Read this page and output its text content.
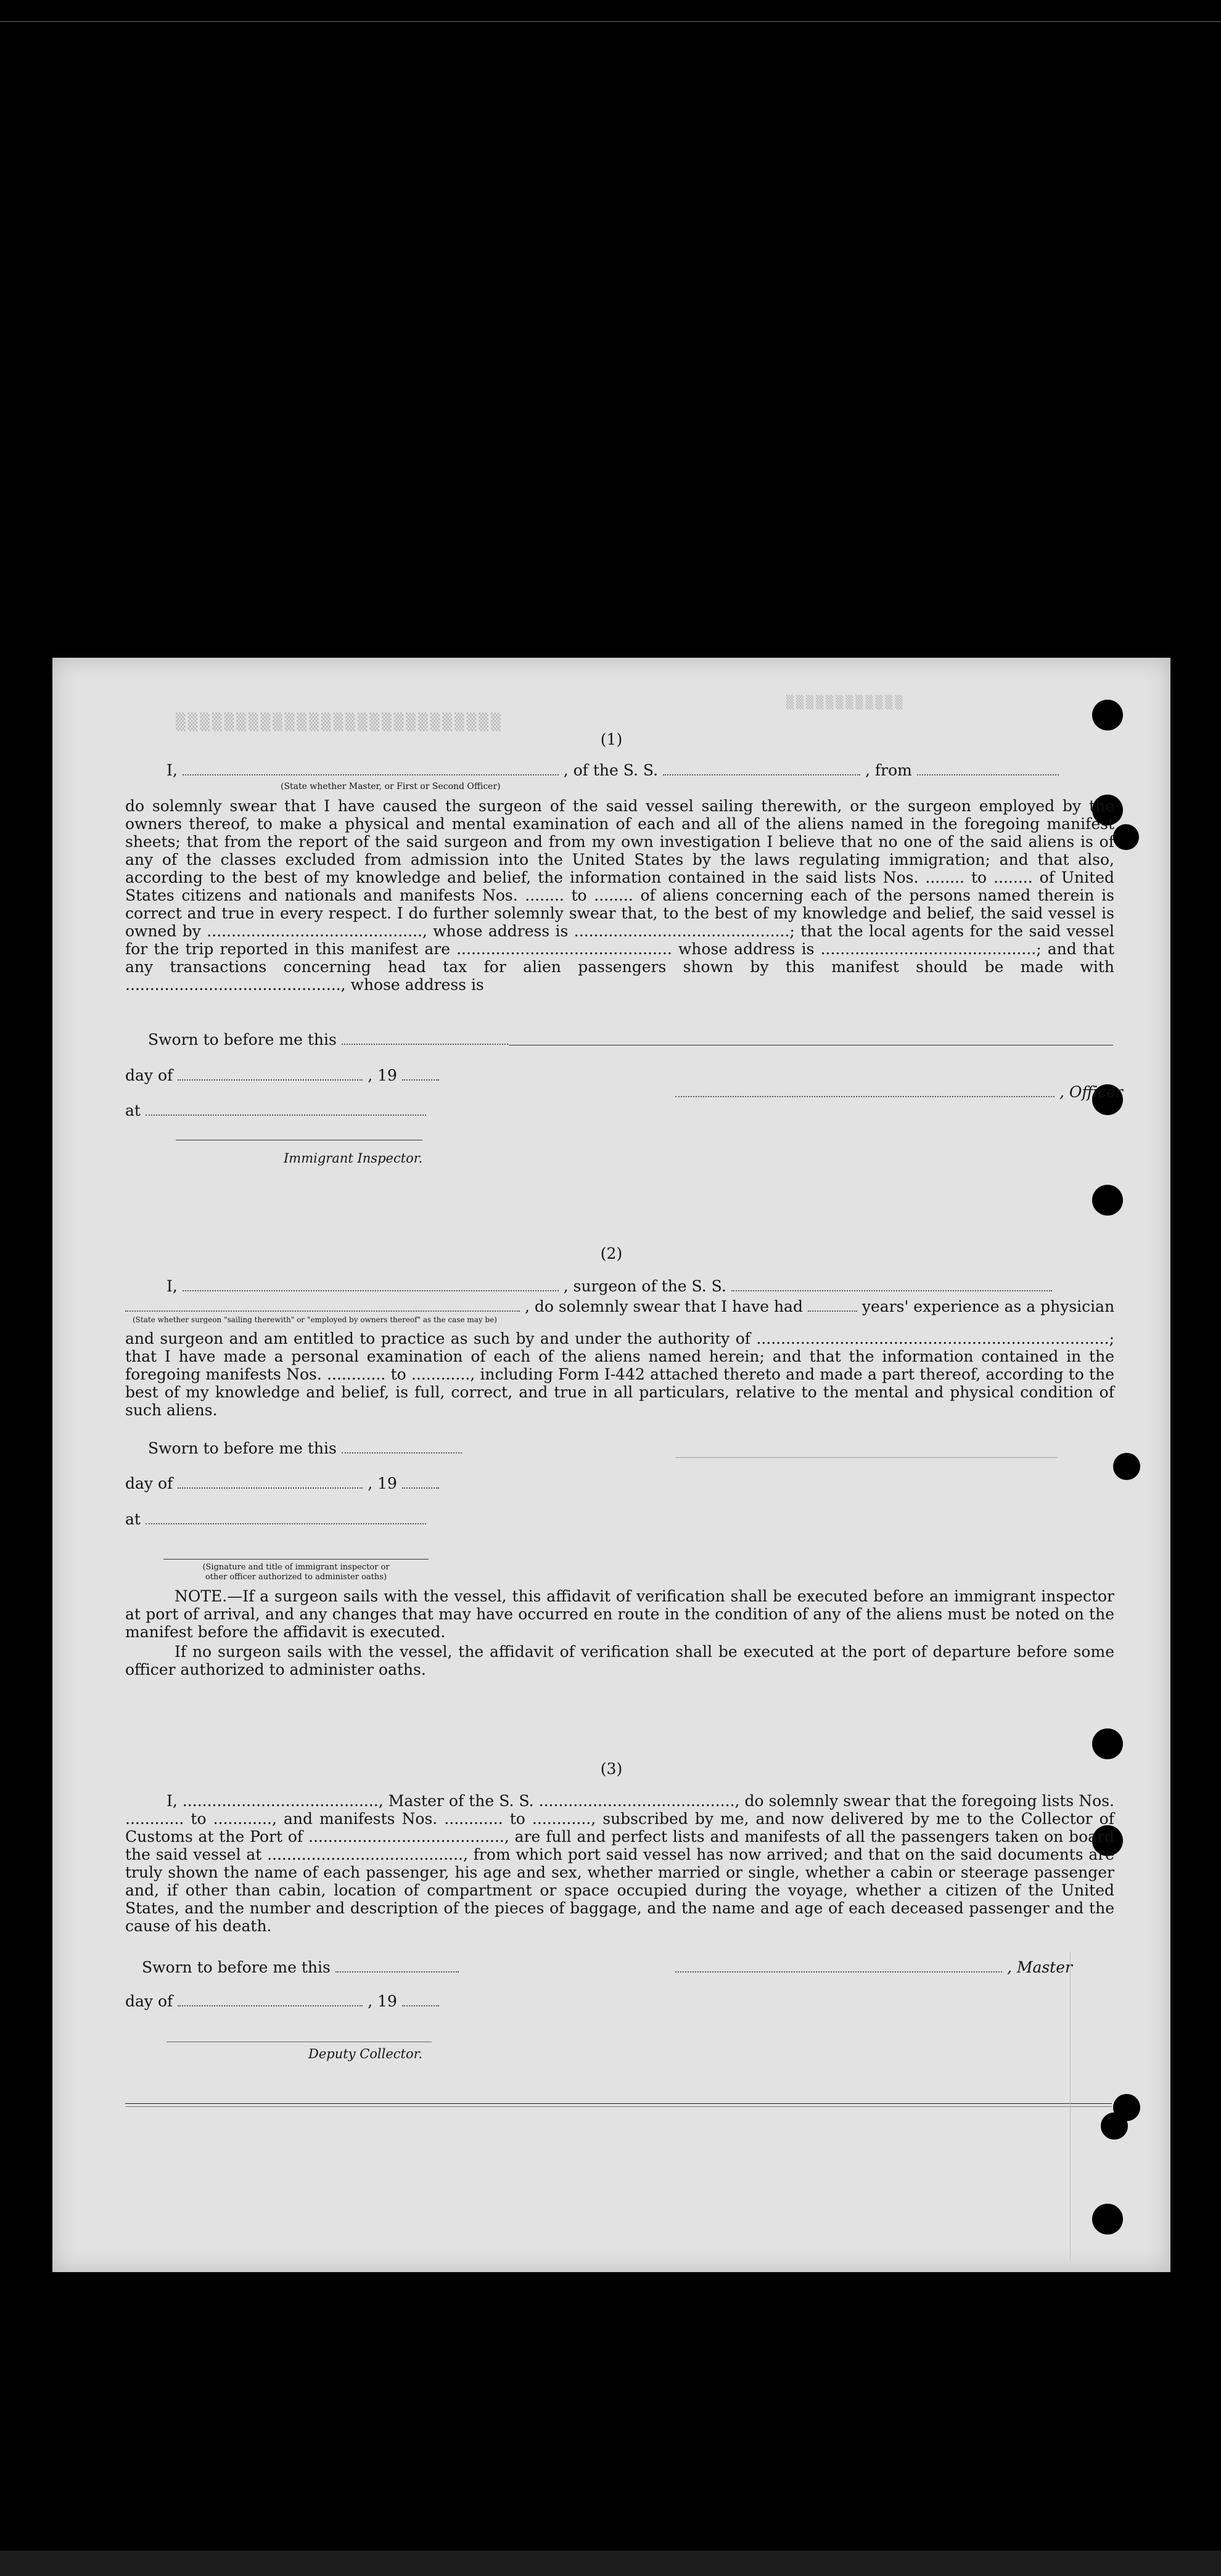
▒▒▒▒▒▒▒▒▒▒▒▒▒▒▒▒▒▒▒▒▒▒▒▒▒▒▒
▒▒▒▒▒▒▒▒▒▒▒▒
(1)
I,	, of the S. S.	, from
(State whether Master, or First or Second Officer)
do solemnly swear that I have caused the surgeon of the said vessel sailing therewith, or the surgeon employed by the owners thereof, to make a physical and mental examination of each and all of the aliens named in the foregoing manifest sheets; that from the report of the said surgeon and from my own investigation I believe that no one of the said aliens is of any of the classes excluded from admission into the United States by the laws regulating immigration; and that also, according to the best of my knowledge and belief, the information contained in the said lists Nos. ........ to ........ of United States citizens and nationals and manifests Nos. ........ to ........ of aliens concerning each of the persons named therein is correct and true in every respect. I do further solemnly swear that, to the best of my knowledge and belief, the said vessel is owned by ............................................, whose address is ............................................; that the local agents for the said vessel for the trip reported in this manifest are ............................................ whose address is ............................................; and that any transactions concerning head tax for alien passengers shown by this manifest should be made with ............................................, whose address is
Sworn to before me this
day of	, 19
, Officer
at
Immigrant Inspector.
(2)
I,	, surgeon of the S. S.
, do solemnly swear that I have had	years' experience as a physician
(State whether surgeon "sailing therewith" or "employed by owners thereof" as the case may be)
and surgeon and am entitled to practice as such by and under the authority of ........................................................................; that I have made a personal examination of each of the aliens named herein; and that the information contained in the foregoing manifests Nos. ............ to ............, including Form I-442 attached thereto and made a part thereof, according to the best of my knowledge and belief, is full, correct, and true in all particulars, relative to the mental and physical condition of such aliens.
Sworn to before me this
day of	, 19
at
(Signature and title of immigrant inspector or
other officer authorized to administer oaths)
NOTE.—If a surgeon sails with the vessel, this affidavit of verification shall be executed before an immigrant inspector at port of arrival, and any changes that may have occurred en route in the condition of any of the aliens must be noted on the manifest before the affidavit is executed.
If no surgeon sails with the vessel, the affidavit of verification shall be executed at the port of departure before some officer authorized to administer oaths.
(3)
I, ........................................, Master of the S. S. ........................................, do solemnly swear that the foregoing lists Nos. ............ to ............, and manifests Nos. ............ to ............, subscribed by me, and now delivered by me to the Collector of Customs at the Port of ........................................, are full and perfect lists and manifests of all the passengers taken on board the said vessel at ........................................, from which port said vessel has now arrived; and that on the said documents are truly shown the name of each passenger, his age and sex, whether married or single, whether a cabin or steerage passenger and, if other than cabin, location of compartment or space occupied during the voyage, whether a citizen of the United States, and the number and description of the pieces of baggage, and the name and age of each deceased passenger and the cause of his death.
Sworn to before me this	, Master
day of	, 19
Deputy Collector.
